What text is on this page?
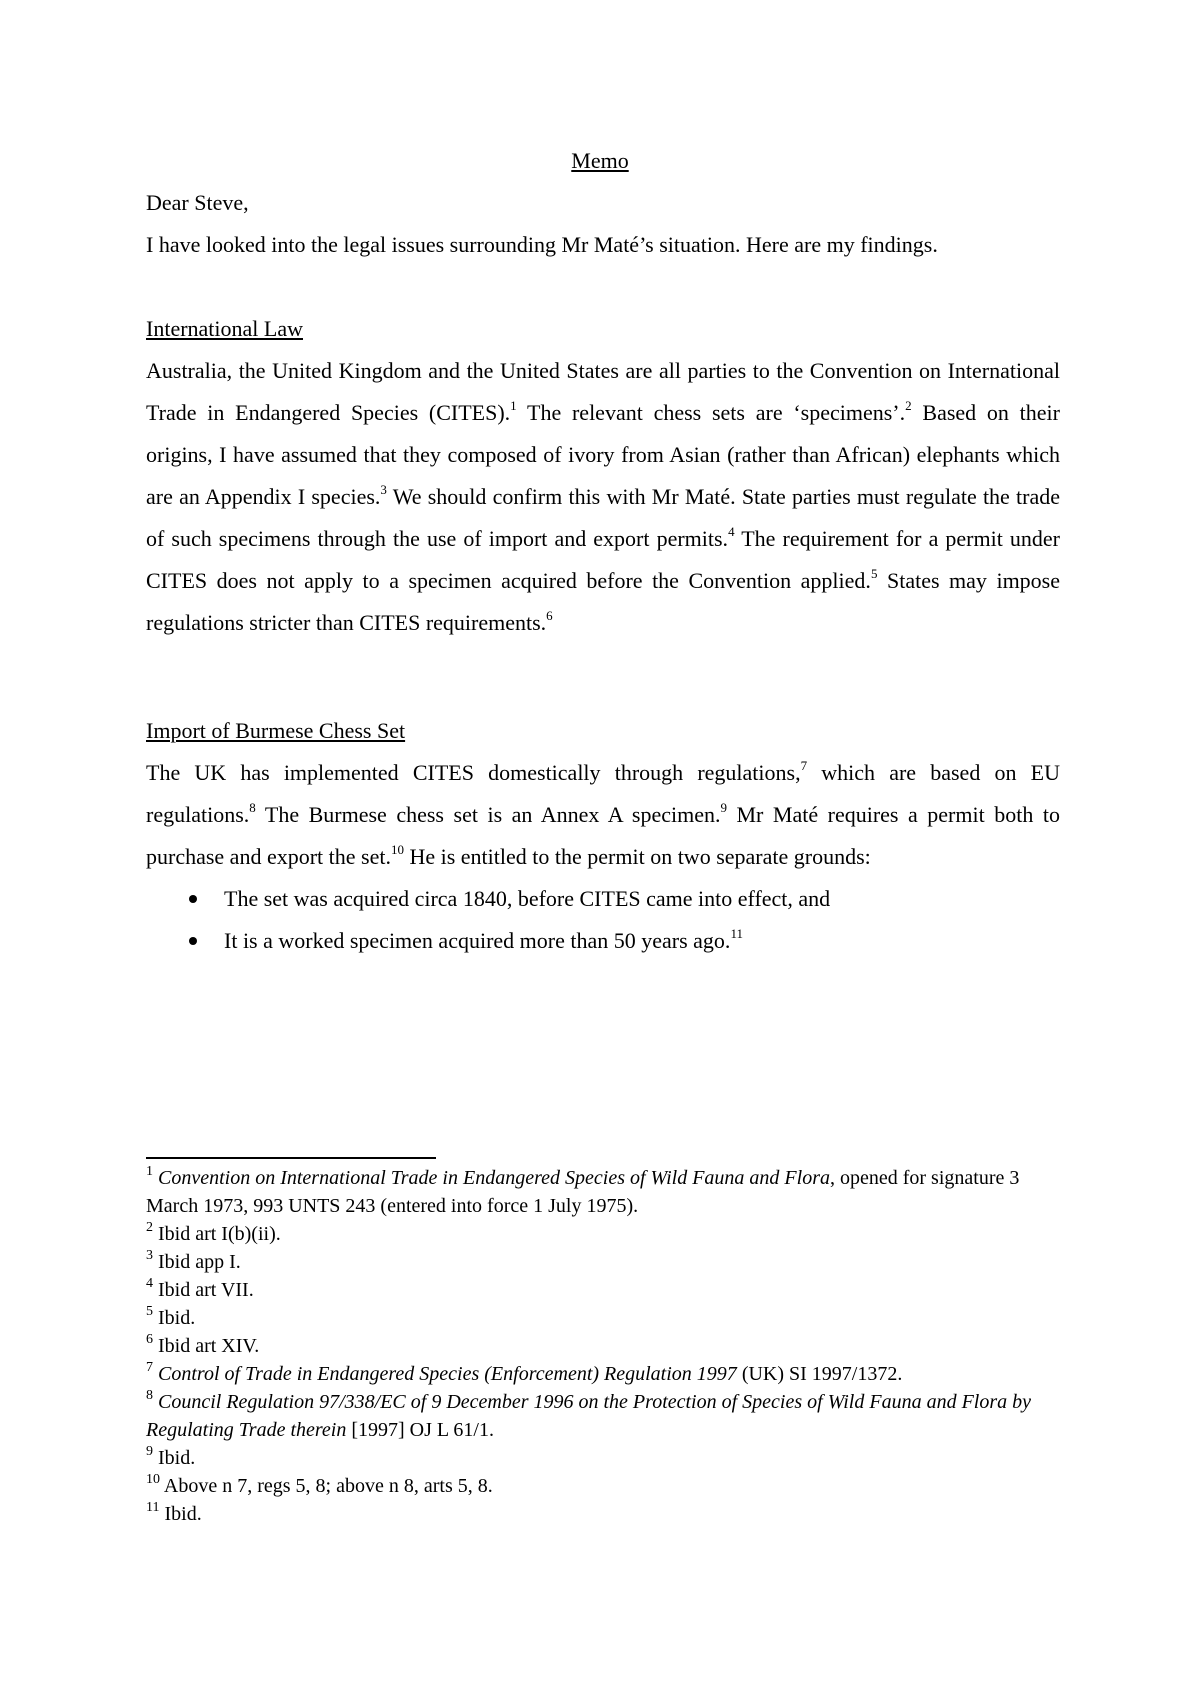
Memo

Dear Steve,

I have looked into the legal issues surrounding Mr Maté’s situation. Here are my findings.

International Law

Australia, the United Kingdom and the United States are all parties to the Convention on International Trade in Endangered Species (CITES).$^1$ The relevant chess sets are ‘specimens’.$^2$ Based on their origins, I have assumed that they composed of ivory from Asian (rather than African) elephants which are an Appendix I species.$^3$ We should confirm this with Mr Maté. State parties must regulate the trade of such specimens through the use of import and export permits.$^4$ The requirement for a permit under CITES does not apply to a specimen acquired before the Convention applied.$^5$ States may impose regulations stricter than CITES requirements.$^6$

Import of Burmese Chess Set

The UK has implemented CITES domestically through regulations,$^7$ which are based on EU regulations.$^8$ The Burmese chess set is an Annex A specimen.$^9$ Mr Maté requires a permit both to purchase and export the set.$^{10}$ He is entitled to the permit on two separate grounds:

The set was acquired circa 1840, before CITES came into effect, and
It is a worked specimen acquired more than 50 years ago.$^{11}$

$^1$ Convention on International Trade in Endangered Species of Wild Fauna and Flora, opened for signature 3 March 1973, 993 UNTS 243 (entered into force 1 July 1975).

$^2$ Ibid art I(b)(ii).

$^3$ Ibid app I.

$^4$ Ibid art VII.

$^5$ Ibid.

$^6$ Ibid art XIV.

$^7$ Control of Trade in Endangered Species (Enforcement) Regulation 1997 (UK) SI 1997/1372.

$^8$ Council Regulation 97/338/EC of 9 December 1996 on the Protection of Species of Wild Fauna and Flora by Regulating Trade therein [1997] OJ L 61/1.

$^9$ Ibid.

$^{10}$ Above n 7, regs 5, 8; above n 8, arts 5, 8.

$^{11}$ Ibid.
